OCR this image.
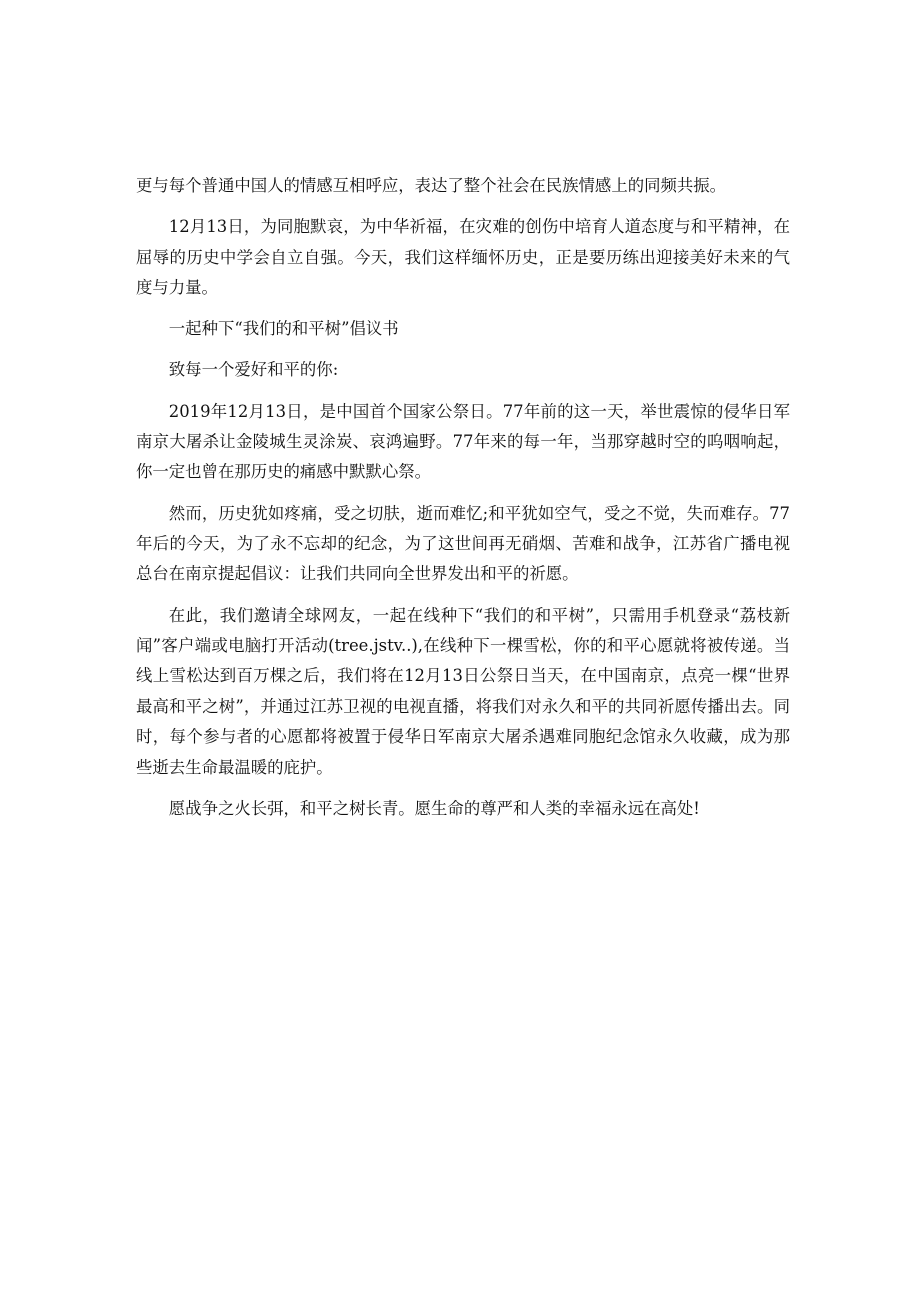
更与每个普通中国人的情感互相呼应，表达了整个社会在民族情感上的同频共振。

12月13日，为同胞默哀，为中华祈福，在灾难的创伤中培育人道态度与和平精神，在屈辱的历史中学会自立自强。今天，我们这样缅怀历史，正是要历练出迎接美好未来的气度与力量。

一起种下“我们的和平树”倡议书

致每一个爱好和平的你:

2019年12月13日，是中国首个国家公祭日。77年前的这一天，举世震惊的侵华日军南京大屠杀让金陵城生灵涂炭、哀鸿遍野。77年来的每一年，当那穿越时空的呜咽响起，你一定也曾在那历史的痛感中默默心祭。

然而，历史犹如疼痛，受之切肤，逝而难忆;和平犹如空气，受之不觉，失而难存。77年后的今天，为了永不忘却的纪念，为了这世间再无硝烟、苦难和战争，江苏省广播电视总台在南京提起倡议：让我们共同向全世界发出和平的祈愿。

在此，我们邀请全球网友，一起在线种下“我们的和平树”，只需用手机登录“荔枝新闻”客户端或电脑打开活动(tree.jstv..),在线种下一棵雪松，你的和平心愿就将被传递。当线上雪松达到百万棵之后，我们将在12月13日公祭日当天，在中国南京，点亮一棵“世界最高和平之树”，并通过江苏卫视的电视直播，将我们对永久和平的共同祈愿传播出去。同时，每个参与者的心愿都将被置于侵华日军南京大屠杀遇难同胞纪念馆永久收藏，成为那些逝去生命最温暖的庇护。

愿战争之火长弭，和平之树长青。愿生命的尊严和人类的幸福永远在高处!
